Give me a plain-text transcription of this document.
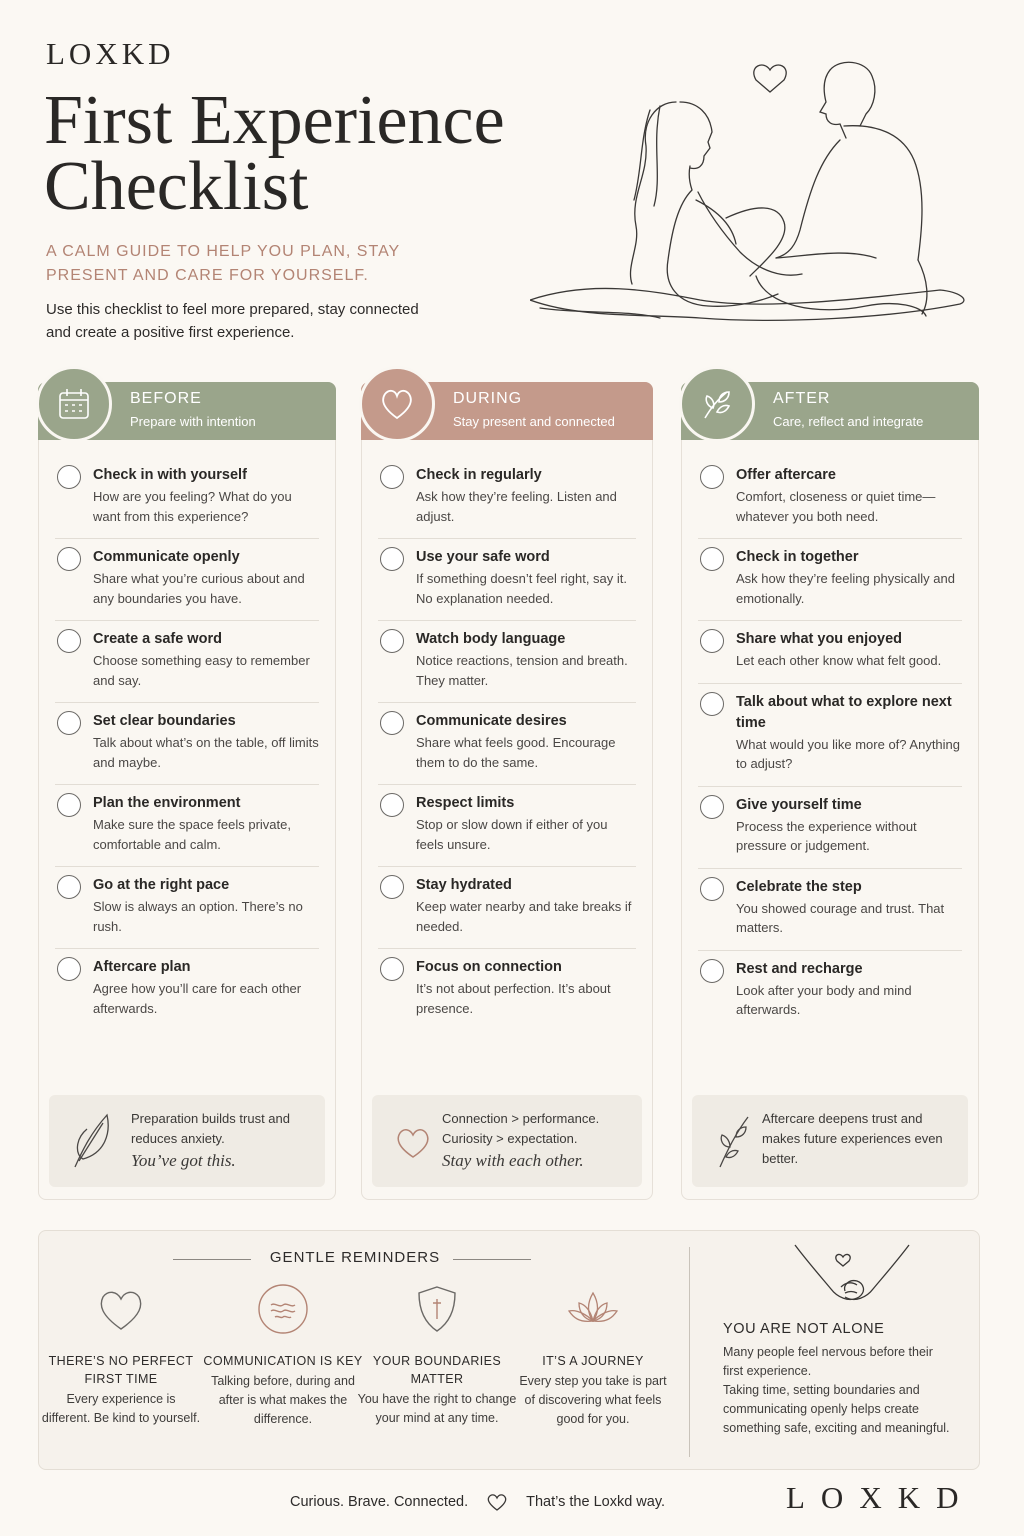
LOXKD
First Experience Checklist
A CALM GUIDE TO HELP YOU PLAN, STAY PRESENT AND CARE FOR YOURSELF.
Use this checklist to feel more prepared, stay connected and create a positive first experience.
BEFORE
Prepare with intention
Check in with yourself
How are you feeling? What do you want from this experience?
Communicate openly
Share what you’re curious about and any boundaries you have.
Create a safe word
Choose something easy to remember and say.
Set clear boundaries
Talk about what’s on the table, off limits and maybe.
Plan the environment
Make sure the space feels private, comfortable and calm.
Go at the right pace
Slow is always an option. There’s no rush.
Aftercare plan
Agree how you’ll care for each other afterwards.
Preparation builds trust and reduces anxiety.
You’ve got this.
DURING
Stay present and connected
Check in regularly
Ask how they’re feeling. Listen and adjust.
Use your safe word
If something doesn’t feel right, say it. No explanation needed.
Watch body language
Notice reactions, tension and breath. They matter.
Communicate desires
Share what feels good. Encourage them to do the same.
Respect limits
Stop or slow down if either of you feels unsure.
Stay hydrated
Keep water nearby and take breaks if needed.
Focus on connection
It’s not about perfection. It’s about presence.
Connection > performance. Curiosity > expectation.
Stay with each other.
AFTER
Care, reflect and integrate
Offer aftercare
Comfort, closeness or quiet time—whatever you both need.
Check in together
Ask how they’re feeling physically and emotionally.
Share what you enjoyed
Let each other know what felt good.
Talk about what to explore next time
What would you like more of? Anything to adjust?
Give yourself time
Process the experience without pressure or judgement.
Celebrate the step
You showed courage and trust. That matters.
Rest and recharge
Look after your body and mind afterwards.
Aftercare deepens trust and makes future experiences even better.
GENTLE REMINDERS
THERE’S NO PERFECT FIRST TIME
Every experience is different. Be kind to yourself.
COMMUNICATION IS KEY
Talking before, during and after is what makes the difference.
YOUR BOUNDARIES MATTER
You have the right to change your mind at any time.
IT’S A JOURNEY
Every step you take is part of discovering what feels good for you.
YOU ARE NOT ALONE

Many people feel nervous before their first experience.

Taking time, setting boundaries and communicating openly helps create something safe, exciting and meaningful.

Curious. Brave. Connected.	That’s the Loxkd way.	LOXKD
